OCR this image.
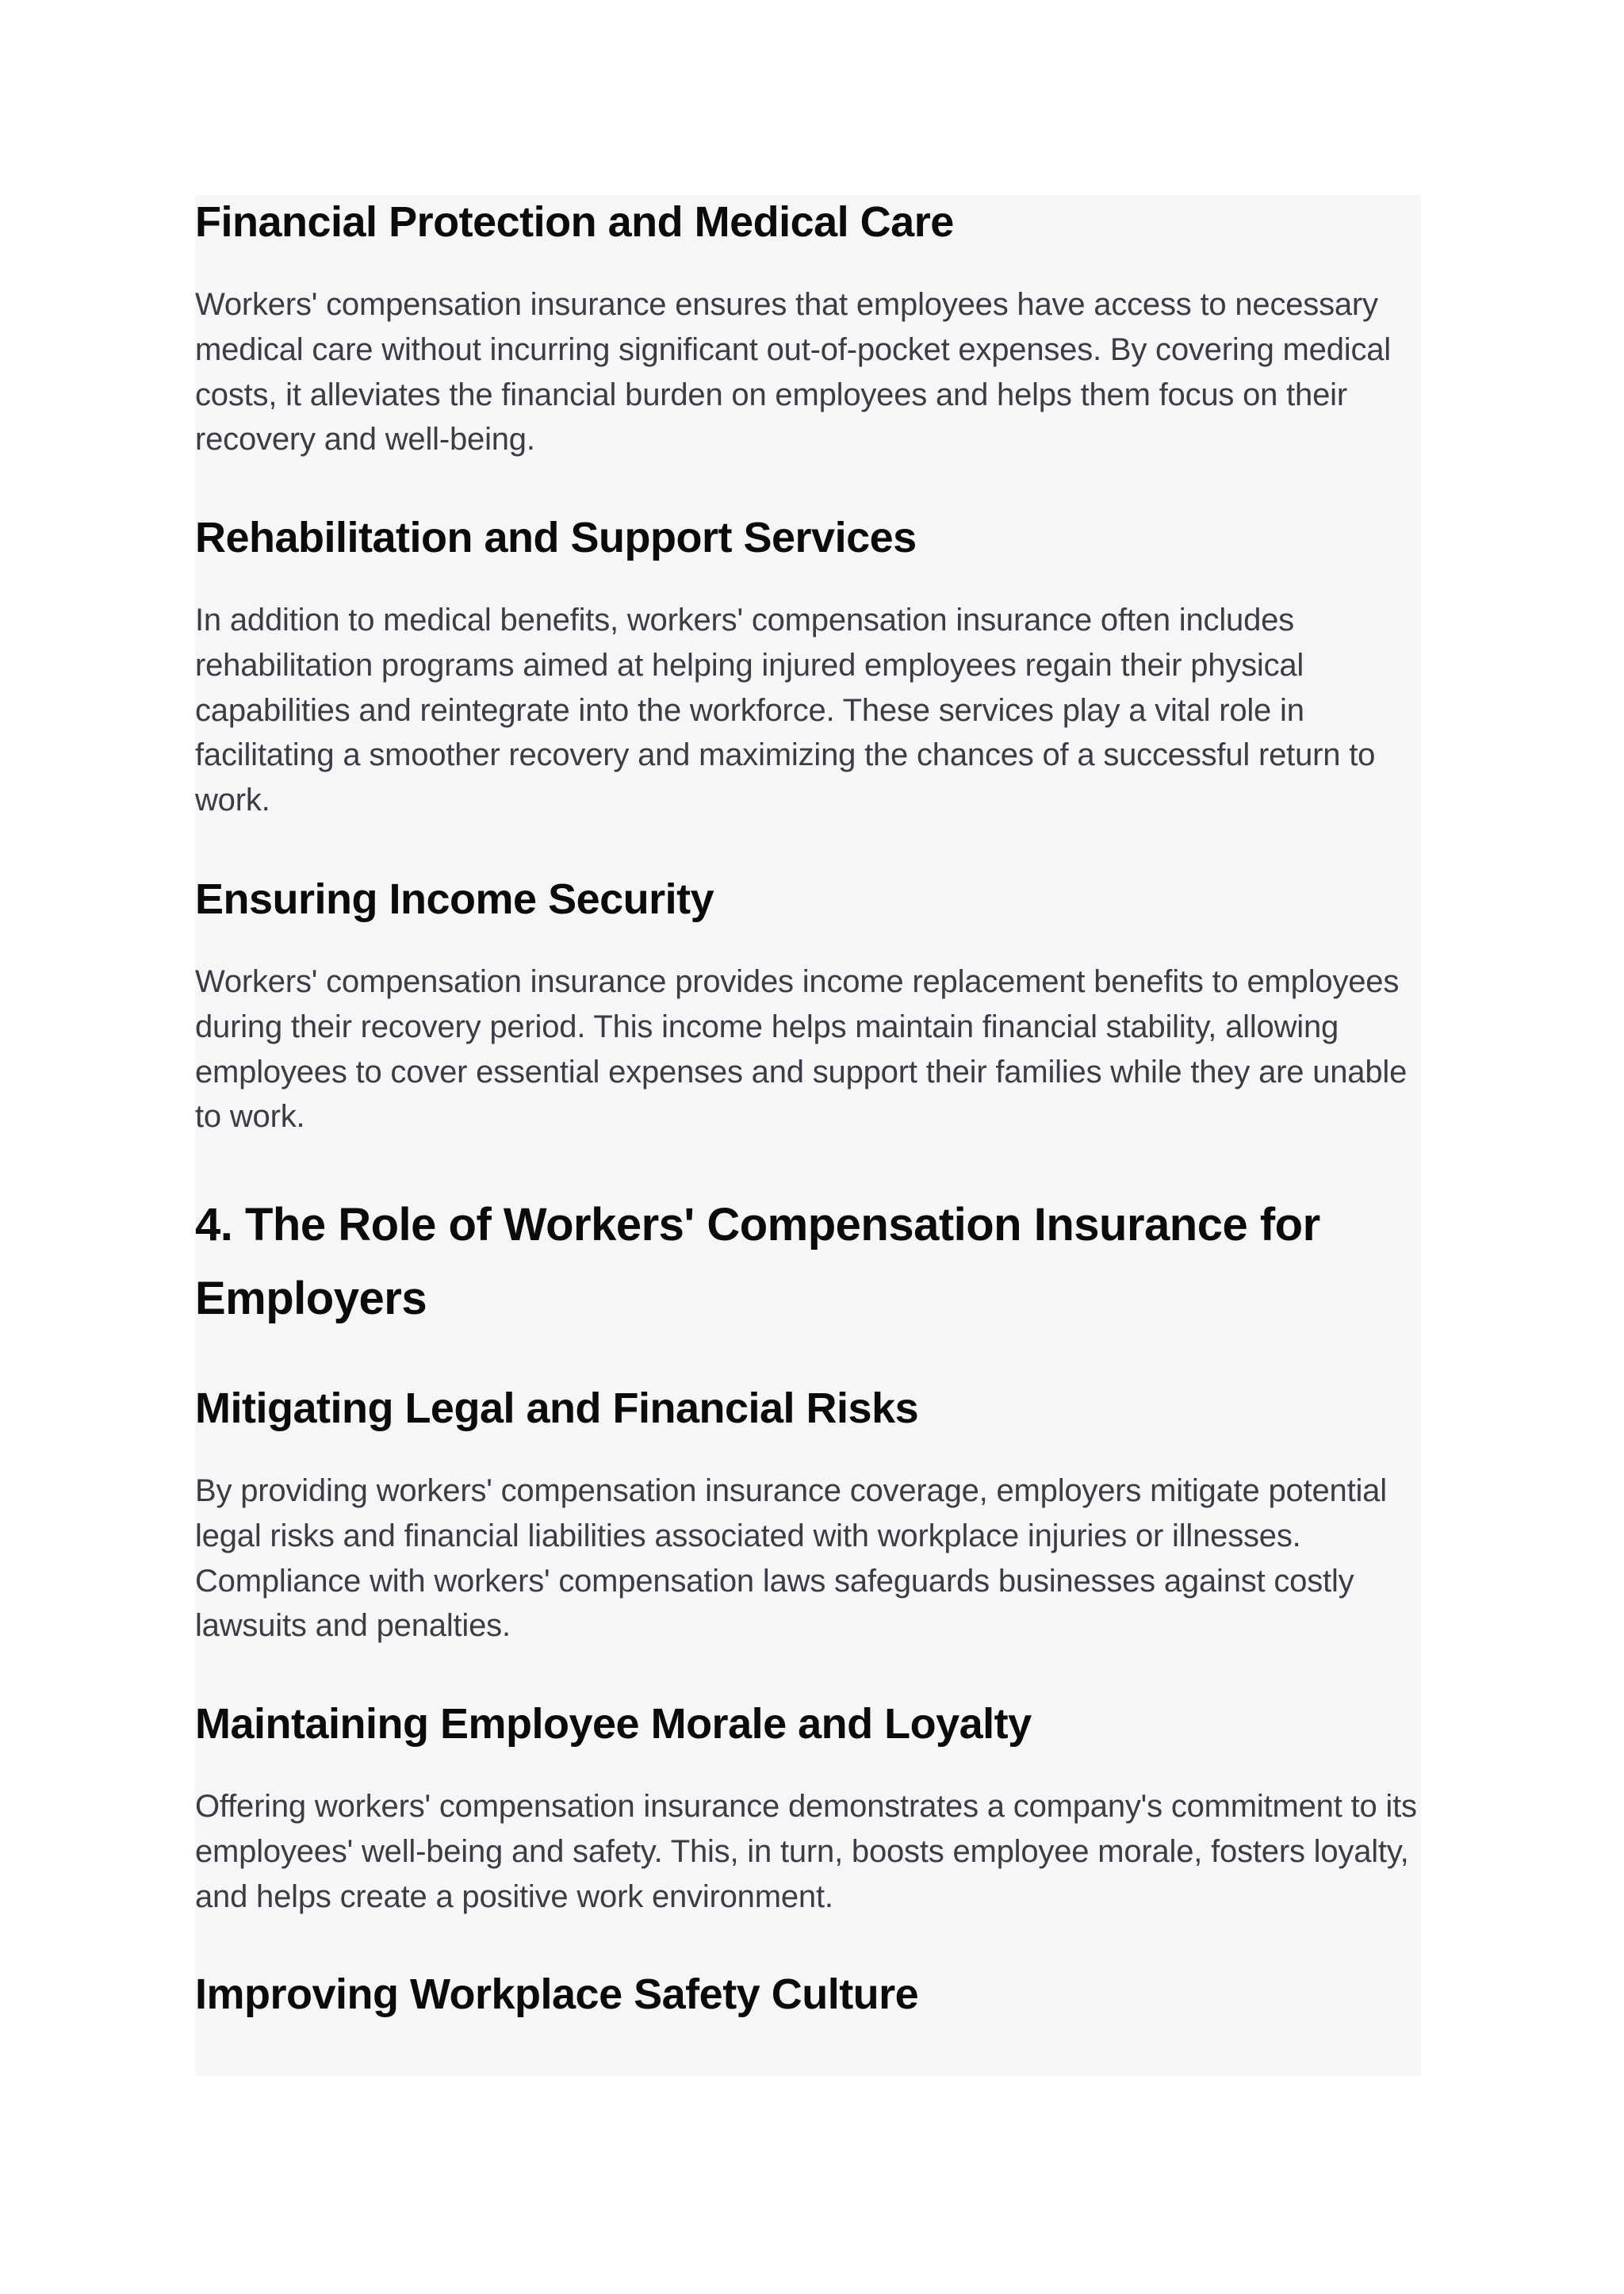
Financial Protection and Medical Care

Workers' compensation insurance ensures that employees have access to necessary medical care without incurring significant out-of-pocket expenses. By covering medical costs, it alleviates the financial burden on employees and helps them focus on their recovery and well-being.

Rehabilitation and Support Services

In addition to medical benefits, workers' compensation insurance often includes rehabilitation programs aimed at helping injured employees regain their physical capabilities and reintegrate into the workforce. These services play a vital role in facilitating a smoother recovery and maximizing the chances of a successful return to work.

Ensuring Income Security

Workers' compensation insurance provides income replacement benefits to employees during their recovery period. This income helps maintain financial stability, allowing employees to cover essential expenses and support their families while they are unable to work.

4. The Role of Workers' Compensation Insurance for Employers
Mitigating Legal and Financial Risks

By providing workers' compensation insurance coverage, employers mitigate potential legal risks and financial liabilities associated with workplace injuries or illnesses. Compliance with workers' compensation laws safeguards businesses against costly lawsuits and penalties.

Maintaining Employee Morale and Loyalty

Offering workers' compensation insurance demonstrates a company's commitment to its employees' well-being and safety. This, in turn, boosts employee morale, fosters loyalty, and helps create a positive work environment.

Improving Workplace Safety Culture
